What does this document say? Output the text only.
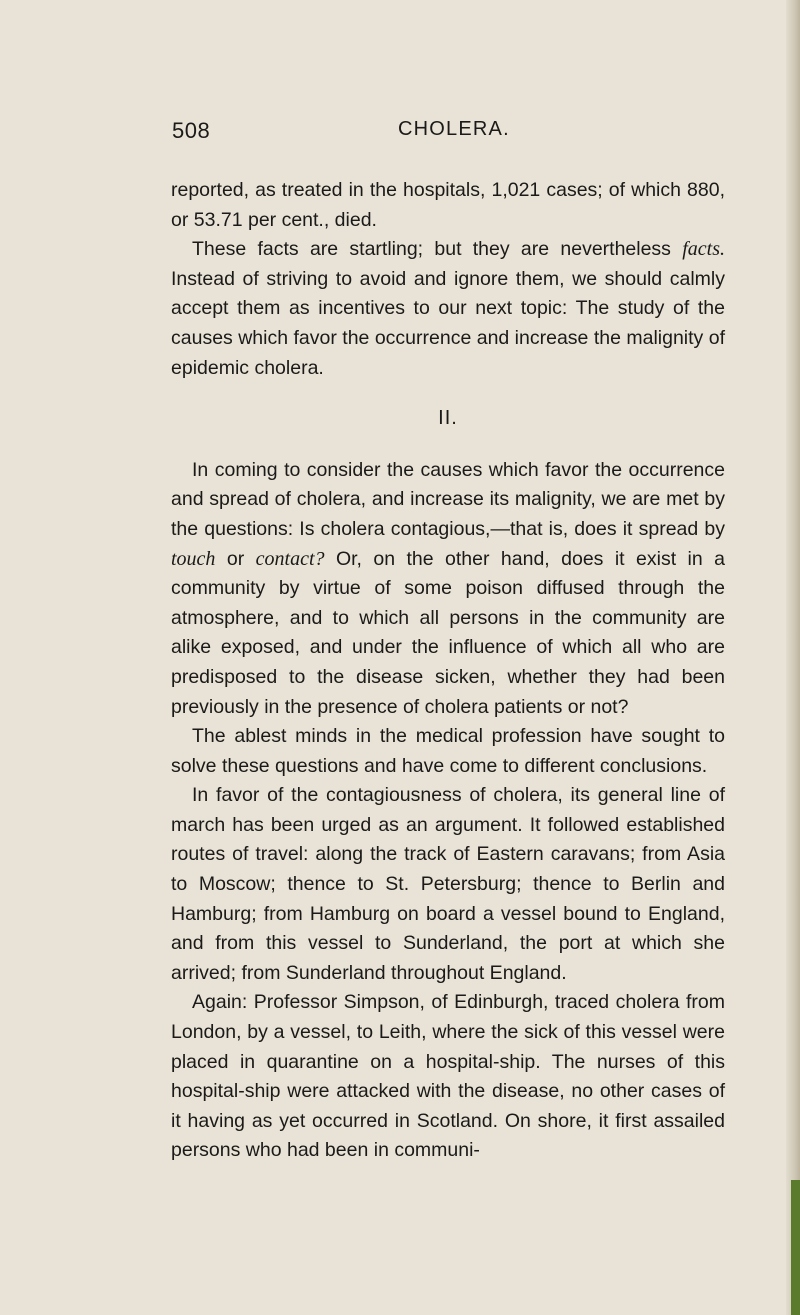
508	CHOLERA.

reported, as treated in the hospitals, 1,021 cases; of which 880, or 53.71 per cent., died.

These facts are startling; but they are nevertheless facts. Instead of striving to avoid and ignore them, we should calmly accept them as incentives to our next topic: The study of the causes which favor the occurrence and increase the malignity of epidemic cholera.

II.

In coming to consider the causes which favor the occurrence and spread of cholera, and increase its malignity, we are met by the questions: Is cholera contagious,—that is, does it spread by touch or contact? Or, on the other hand, does it exist in a community by virtue of some poison diffused through the atmosphere, and to which all persons in the community are alike exposed, and under the influence of which all who are predisposed to the disease sicken, whether they had been previously in the presence of cholera patients or not?

The ablest minds in the medical profession have sought to solve these questions and have come to different conclusions.

In favor of the contagiousness of cholera, its general line of march has been urged as an argument. It followed established routes of travel: along the track of Eastern caravans; from Asia to Moscow; thence to St. Petersburg; thence to Berlin and Hamburg; from Hamburg on board a vessel bound to England, and from this vessel to Sunderland, the port at which she arrived; from Sunderland throughout England.

Again: Professor Simpson, of Edinburgh, traced cholera from London, by a vessel, to Leith, where the sick of this vessel were placed in quarantine on a hospital-ship. The nurses of this hospital-ship were attacked with the disease, no other cases of it having as yet occurred in Scotland. On shore, it first assailed persons who had been in communi-
